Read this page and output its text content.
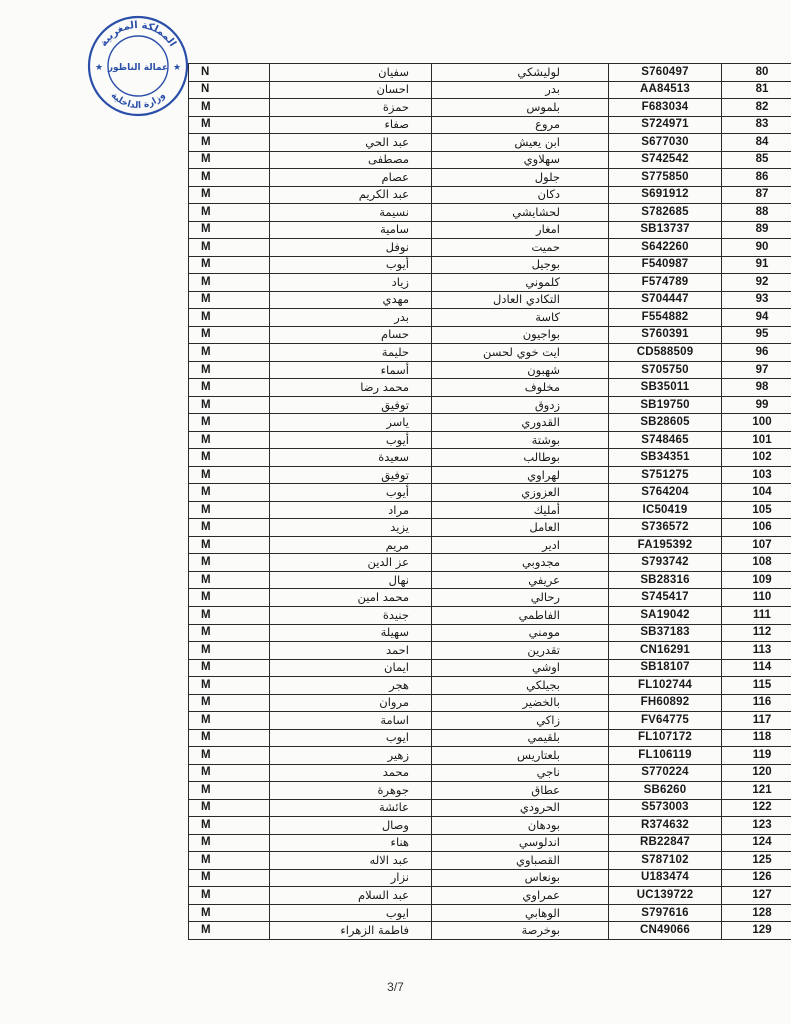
المملكة المغربية
وزارة الداخلية
عمالة الناظور
★	★ N	سفيان	لوليشكي	S760497	80
N	احسان	بدر	AA84513	81
M	حمزة	بلموس	F683034	82
M	صفاء	مروع	S724971	83
M	عبد الحي	ابن يعيش	S677030	84
M	مصطفى	سهلاوي	S742542	85
M	عصام	جلول	S775850	86
M	عبد الكريم	دكان	S691912	87
M	نسيمة	لحشايشي	S782685	88
M	سامية	امغار	SB13737	89
M	نوفل	حميت	S642260	90
M	أيوب	بوجيل	F540987	91
M	زياد	كلموني	F574789	92
M	مهدي	التكادي العادل	S704447	93
M	بدر	كاسة	F554882	94
M	حسام	بواجيون	S760391	95
M	حليمة	ايت خوي لحسن	CD588509	96
M	أسماء	شهبون	S705750	97
M	محمد رضا	مخلوف	SB35011	98
M	توفيق	زدوق	SB19750	99
M	ياسر	القدوري	SB28605	100
M	أيوب	بوشتة	S748465	101
M	سعيدة	بوطالب	SB34351	102
M	توفيق	لهراوي	S751275	103
M	أيوب	العزوزي	S764204	104
M	مراد	أمليك	IC50419	105
M	يزيد	العامل	S736572	106
M	مريم	ادير	FA195392	107
M	عز الدين	مجدوبي	S793742	108
M	نهال	عريفي	SB28316	109
M	محمد امين	رحالي	S745417	110
M	جنيدة	الفاطمي	SA19042	111
M	سهيلة	مومني	SB37183	112
M	احمد	تقدرين	CN16291	113
M	ايمان	اوشي	SB18107	114
M	هجر	بجيلكي	FL102744	115
M	مروان	بالخضير	FH60892	116
M	اسامة	زاكي	FV64775	117
M	ايوب	بلقيمي	FL107172	118
M	زهير	بلعتاريس	FL106119	119
M	محمد	ناجي	S770224	120
M	جوهرة	عطاق	SB6260	121
M	عائشة	الحرودي	S573003	122
M	وصال	بودهان	R374632	123
M	هناء	اندلوسي	RB22847	124
M	عبد الاله	القصباوي	S787102	125
M	نزار	بونعاس	U183474	126
M	عبد السلام	عمراوي	UC139722	127
M	ايوب	الوهابي	S797616	128
M	فاطمة الزهراء	بوخرصة	CN49066	129
3/7
